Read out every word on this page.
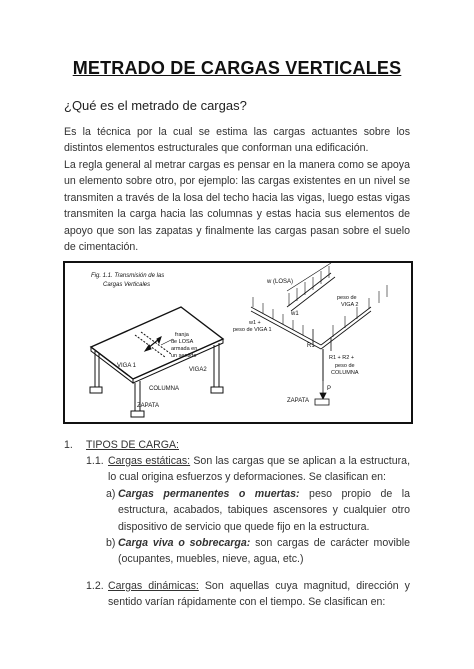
METRADO DE CARGAS VERTICALES
¿Qué es el metrado de cargas?
Es la técnica por la cual se estima las cargas actuantes sobre los distintos elementos estructurales que conforman una edificación.
La regla general al metrar cargas es pensar en la manera como se apoya un elemento sobre otro, por ejemplo: las cargas existentes en un nivel se transmiten a través de la losa del techo hacia las vigas, luego estas vigas transmiten la carga hacia las columnas y estas hacia sus elementos de apoyo que son las zapatas y finalmente las cargas pasan sobre el suelo de cimentación.
Fig. 1.1. Transmisión de las
Cargas Verticales
franja
de LOSA
armada en
un sentido
VIGA 1
VIGA2
COLUMNA
ZAPATA
w (LOSA)
w1
w1 +
peso de VIGA 1
R1
peso de
VIGA 2
R1 + R2 +
peso de
COLUMNA
P
ZAPATA
1. TIPOS DE CARGA:
1.1. Cargas estáticas: Son las cargas que se aplican a la estructura, lo cual origina esfuerzos y deformaciones. Se clasifican en:
a) Cargas permanentes o muertas: peso propio de la estructura, acabados, tabiques ascensores y cualquier otro dispositivo de servicio que quede fijo en la estructura.
b) Carga viva o sobrecarga: son cargas de carácter movible (ocupantes, muebles, nieve, agua, etc.)
1.2. Cargas dinámicas: Son aquellas cuya magnitud, dirección y sentido varían rápidamente con el tiempo. Se clasifican en:
